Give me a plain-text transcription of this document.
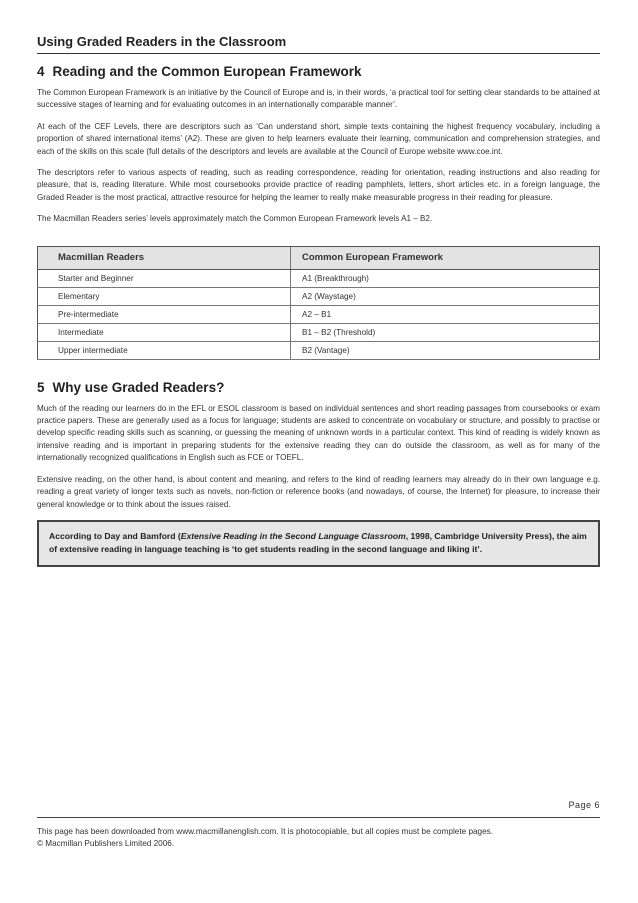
Using Graded Readers in the Classroom
4 Reading and the Common European Framework

The Common European Framework is an initiative by the Council of Europe and is, in their words, ‘a practical tool for setting clear standards to be attained at successive stages of learning and for evaluating outcomes in an internationally comparable manner’.

At each of the CEF Levels, there are descriptors such as ‘Can understand short, simple texts containing the highest frequency vocabulary, including a proportion of shared international items’ (A2). These are given to help learners evaluate their learning, communication and comprehension strategies, and each of the skills on this scale (full details of the descriptors and levels are available at the Council of Europe website www.coe.int.

The descriptors refer to various aspects of reading, such as reading correspondence, reading for orientation, reading instructions and also reading for pleasure, that is, reading literature. While most coursebooks provide practice of reading pamphlets, letters, short articles etc. in a foreign language, the Graded Reader is the most practical, attractive resource for helping the learner to really make measurable progress in their reading for pleasure.

The Macmillan Readers series’ levels approximately match the Common European Framework levels A1 – B2.

Macmillan Readers	Common European Framework
Starter and Beginner	A1 (Breakthrough)
Elementary	A2 (Waystage)
Pre-intermediate	A2 – B1
Intermediate	B1 – B2 (Threshold)
Upper intermediate	B2 (Vantage)
5 Why use Graded Readers?

Much of the reading our learners do in the EFL or ESOL classroom is based on individual sentences and short reading passages from coursebooks or exam practice papers. These are generally used as a focus for language; students are asked to concentrate on vocabulary or structure, and possibly to practise or develop specific reading skills such as scanning, or guessing the meaning of unknown words in a particular context. This kind of reading is widely known as intensive reading and is important in preparing students for the extensive reading they can do outside the classroom, as well as for many of the internationally recognized qualifications in English such as FCE or TOEFL.

Extensive reading, on the other hand, is about content and meaning, and refers to the kind of reading learners may already do in their own language e.g. reading a great variety of longer texts such as novels, non-fiction or reference books (and nowadays, of course, the Internet) for pleasure, to increase their general knowledge or to think about the issues raised.

According to Day and Bamford (Extensive Reading in the Second Language Classroom, 1998, Cambridge University Press), the aim of extensive reading in language teaching is ‘to get students reading in the second language and liking it’.
Page 6
This page has been downloaded from www.macmillanenglish.com. It is photocopiable, but all copies must be complete pages.
© Macmillan Publishers Limited 2006.
